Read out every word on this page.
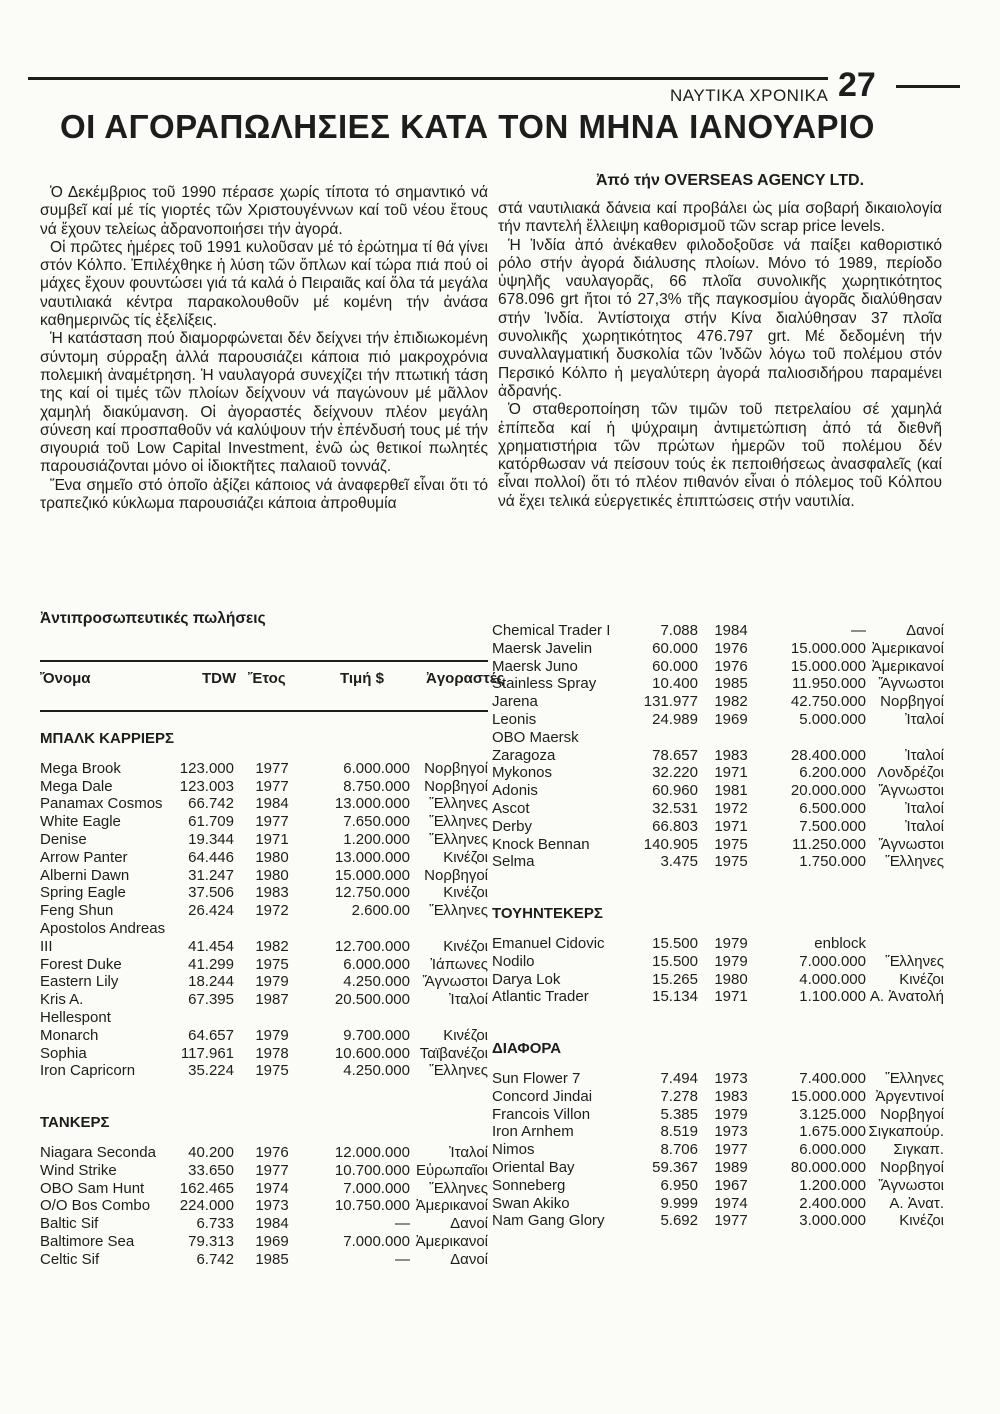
ΝΑΥΤΙΚΑ ΧΡΟΝΙΚΑ 27
ΟΙ ΑΓΟΡΑΠΩΛΗΣΙΕΣ ΚΑΤΑ ΤΟΝ ΜΗΝΑ ΙΑΝΟΥΑΡΙΟ
Ἀπό τήν OVERSEAS AGENCY LTD.

Ὁ Δεκέμβριος τοῦ 1990 πέρασε χωρίς τίποτα τό σημαντικό νά συμβεῖ καί μέ τίς γιορτές τῶν Χριστουγέννων καί τοῦ νέου ἔτους νά ἔχουν τελείως ἀδρανοποιήσει τήν ἀγορά.

Οἱ πρῶτες ἡμέρες τοῦ 1991 κυλοῦσαν μέ τό ἐρώτημα τί θά γίνει στόν Κόλπο. Ἐπιλέχθηκε ἡ λύση τῶν ὅπλων καί τώρα πιά πού οἱ μάχες ἔχουν φουντώσει γιά τά καλά ὁ Πειραιᾶς καί ὅλα τά μεγάλα ναυτιλιακά κέντρα παρακολουθοῦν μέ κομένη τήν ἀνάσα καθημερινῶς τίς ἐξελίξεις.

Ἡ κατάσταση πού διαμορφώνεται δέν δείχνει τήν ἐπιδιωκομένη σύντομη σύρραξη ἀλλά παρουσιάζει κάποια πιό μακροχρόνια πολεμική ἀναμέτρηση. Ἡ ναυλαγορά συνεχίζει τήν πτωτική τάση της καί οἱ τιμές τῶν πλοίων δείχνουν νά παγώνουν μέ μᾶλλον χαμηλή διακύμανση. Οἱ ἀγοραστές δείχνουν πλέον μεγάλη σύνεση καί προσπαθοῦν νά καλύψουν τήν ἐπένδυσή τους μέ τήν σιγουριά τοῦ Low Capital Investment, ἐνῶ ὡς θετικοί πωλητές παρουσιάζονται μόνο οἱ ἰδιοκτῆτες παλαιοῦ τοννάζ.

Ἕνα σημεῖο στό ὁποῖο ἀξίζει κάποιος νά ἀναφερθεῖ εἶναι ὅτι τό τραπεζικό κύκλωμα παρουσιάζει κάποια ἀπροθυμία

στά ναυτιλιακά δάνεια καί προβάλει ὡς μία σοβαρή δικαιολογία τήν παντελή ἔλλειψη καθορισμοῦ τῶν scrap price levels.

Ἡ Ἰνδία ἀπό ἀνέκαθεν φιλοδοξοῦσε νά παίξει καθοριστικό ρόλο στήν ἀγορά διάλυσης πλοίων. Μόνο τό 1989, περίοδο ὑψηλῆς ναυλαγορᾶς, 66 πλοῖα συνολικῆς χωρητικότητος 678.096 grt ἤτοι τό 27,3% τῆς παγκοσμίου ἀγορᾶς διαλύθησαν στήν Ἰνδία. Ἀντίστοιχα στήν Κίνα διαλύθησαν 37 πλοῖα συνολικῆς χωρητικότητος 476.797 grt. Μέ δεδομένη τήν συναλλαγματική δυσκολία τῶν Ἰνδῶν λόγω τοῦ πολέμου στόν Περσικό Κόλπο ἡ μεγαλύτερη ἀγορά παλιοσιδήρου παραμένει ἀδρανής.

Ὁ σταθεροποίηση τῶν τιμῶν τοῦ πετρελαίου σέ χαμηλά ἐπίπεδα καί ἡ ψύχραιμη ἀντιμετώπιση ἀπό τά διεθνῆ χρηματιστήρια τῶν πρώτων ἡμερῶν τοῦ πολέμου δέν κατόρθωσαν νά πείσουν τούς ἐκ πεποιθήσεως ἀνασφαλεῖς (καί εἶναι πολλοί) ὅτι τό πλέον πιθανόν εἶναι ὁ πόλεμος τοῦ Κόλπου νά ἔχει τελικά εὐεργετικές ἐπιπτώσεις στήν ναυτιλία.

Ἀντιπροσωπευτικές πωλήσεις
Ὄνομα	TDW Ἔτος	Τιμή $	Ἀγοραστές
ΜΠΑΛΚ ΚΑΡΡΙΕΡΣ
Mega Brook	123.000	1977	6.000.000 Νορβηγοί
Mega Dale	123.003	1977	8.750.000 Νορβηγοί
Panamax Cosmos	66.742	1984	13.000.000	Ἕλληνες
White Eagle	61.709	1977	7.650.000	Ἕλληνες
Denise	19.344	1971	1.200.000	Ἕλληνες
Arrow Panter	64.446	1980	13.000.000	Κινέζοι
Alberni Dawn	31.247	1980	15.000.000 Νορβηγοί
Spring Eagle	37.506	1983	12.750.000	Κινέζοι
Feng Shun	26.424	1972	2.600.00	Ἕλληνες
Apostolos Andreas III	41.454	1982	12.700.000	Κινέζοι
Forest Duke	41.299	1975	6.000.000	Ἰάπωνες
Eastern Lily	18.244	1979	4.250.000 Ἄγνωστοι
Kris A.	67.395	1987	20.500.000	Ἰταλοί
Hellespont Monarch	64.657	1979	9.700.000	Κινέζοι
Sophia	117.961	1978	10.600.000 Ταϊβανέζοι
Iron Capricorn	35.224	1975	4.250.000	Ἕλληνες
ΤΑΝΚΕΡΣ
Niagara Seconda	40.200	1976	12.000.000	Ἰταλοί
Wind Strike	33.650	1977	10.700.000 Εὐρωπαῖοι
OBO Sam Hunt	162.465	1974	7.000.000	Ἕλληνες
O/O Bos Combo	224.000	1973	10.750.000 Ἀμερικανοί
Baltic Sif	6.733	1984	—	Δανοί
Baltimore Sea	79.313	1969	7.000.000 Ἀμερικανοί
Celtic Sif	6.742	1985	—	Δανοί
Chemical Trader I	7.088	1984	—	Δανοί
Maersk Javelin	60.000	1976	15.000.000 Ἀμερικανοί
Maersk Juno	60.000	1976	15.000.000 Ἀμερικανοί
Stainless Spray	10.400	1985	11.950.000 Ἄγνωστοι
Jarena	131.977	1982	42.750.000 Νορβηγοί
Leonis	24.989	1969	5.000.000	Ἰταλοί
OBO Maersk Zaragoza	78.657	1983	28.400.000	Ἰταλοί
Mykonos	32.220	1971	6.200.000 Λονδρέζοι
Adonis	60.960	1981	20.000.000 Ἄγνωστοι
Ascot	32.531	1972	6.500.000	Ἰταλοί
Derby	66.803	1971	7.500.000	Ἰταλοί
Knock Bennan	140.905	1975	11.250.000 Ἄγνωστοι
Selma	3.475	1975	1.750.000	Ἕλληνες
ΤΟΥΗΝΤΕΚΕΡΣ
Emanuel Cidovic	15.500	1979	enblock
Nodilo	15.500	1979	7.000.000	Ἕλληνες
Darya Lok	15.265	1980	4.000.000	Κινέζοι
Atlantic Trader	15.134	1971	1.100.000 Α. Ἀνατολή
ΔΙΑΦΟΡΑ
Sun Flower 7	7.494	1973	7.400.000	Ἕλληνες
Concord Jindai	7.278	1983	15.000.000 Ἀργεντινοί
Francois Villon	5.385	1979	3.125.000 Νορβηγοί
Iron Arnhem	8.519	1973	1.675.000 Σιγκαπούρ.
Nimos	8.706	1977	6.000.000	Σιγκαπ.
Oriental Bay	59.367	1989	80.000.000 Νορβηγοί
Sonneberg	6.950	1967	1.200.000 Ἄγνωστοι
Swan Akiko	9.999	1974	2.400.000	Α. Ἀνατ.
Nam Gang Glory	5.692	1977	3.000.000	Κινέζοι
